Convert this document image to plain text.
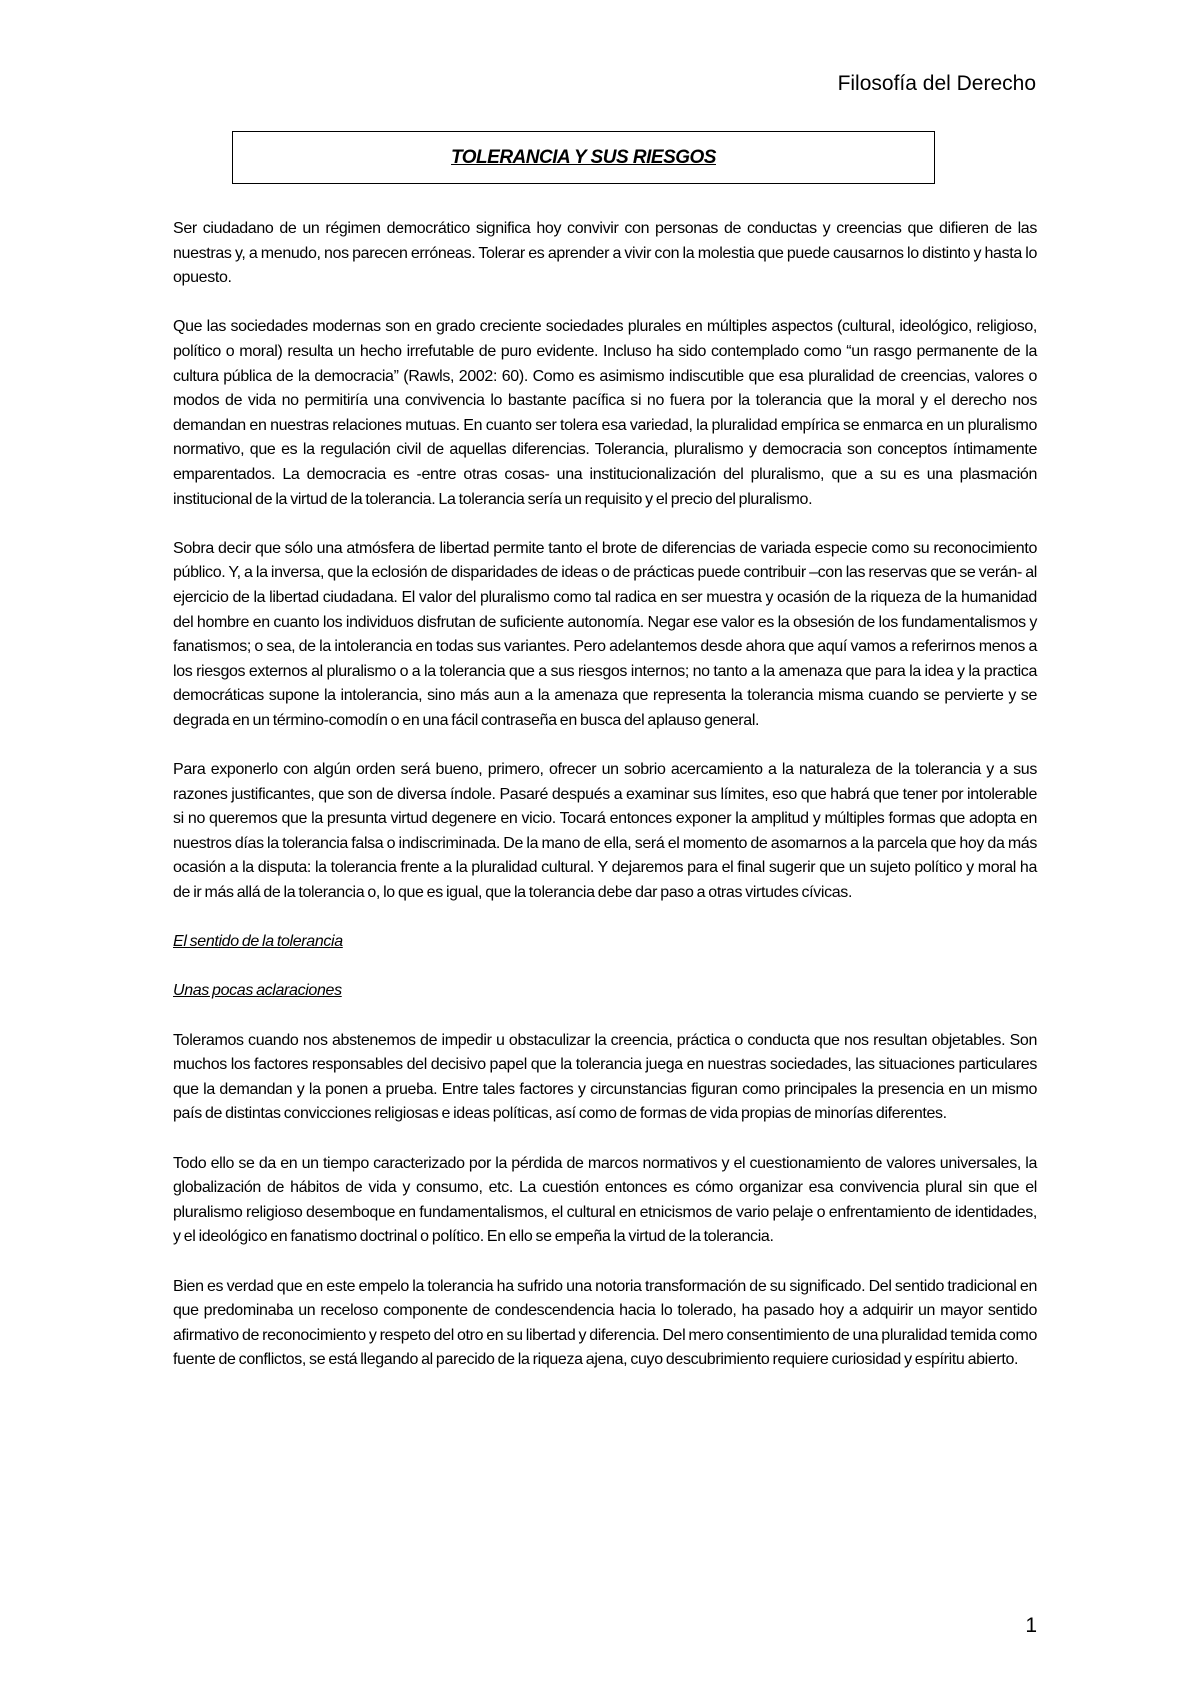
Filosofía del Derecho
TOLERANCIA Y SUS RIESGOS

Ser ciudadano de un régimen democrático significa hoy convivir con personas de conductas y creencias que difieren de las nuestras y, a menudo, nos parecen erróneas. Tolerar es aprender a vivir con la molestia que puede causarnos lo distinto y hasta lo opuesto.

Que las sociedades modernas son en grado creciente sociedades plurales en múltiples aspectos (cultural, ideológico, religioso, político o moral) resulta un hecho irrefutable de puro evidente. Incluso ha sido contemplado como “un rasgo permanente de la cultura pública de la democracia” (Rawls, 2002: 60). Como es asimismo indiscutible que esa pluralidad de creencias, valores o modos de vida no permitiría una convivencia lo bastante pacífica si no fuera por la tolerancia que la moral y el derecho nos demandan en nuestras relaciones mutuas. En cuanto ser tolera esa variedad, la pluralidad empírica se enmarca en un pluralismo normativo, que es la regulación civil de aquellas diferencias. Tolerancia, pluralismo y democracia son conceptos íntimamente emparentados. La democracia es -entre otras cosas- una institucionalización del pluralismo, que a su es una plasmación institucional de la virtud de la tolerancia. La tolerancia sería un requisito y el precio del pluralismo.

Sobra decir que sólo una atmósfera de libertad permite tanto el brote de diferencias de variada especie como su reconocimiento público. Y, a la inversa, que la eclosión de disparidades de ideas o de prácticas puede contribuir –con las reservas que se verán- al ejercicio de la libertad ciudadana. El valor del pluralismo como tal radica en ser muestra y ocasión de la riqueza de la humanidad del hombre en cuanto los individuos disfrutan de suficiente autonomía. Negar ese valor es la obsesión de los fundamentalismos y fanatismos; o sea, de la intolerancia en todas sus variantes. Pero adelantemos desde ahora que aquí vamos a referirnos menos a los riesgos externos al pluralismo o a la tolerancia que a sus riesgos internos; no tanto a la amenaza que para la idea y la practica democráticas supone la intolerancia, sino más aun a la amenaza que representa la tolerancia misma cuando se pervierte y se degrada en un término-comodín o en una fácil contraseña en busca del aplauso general.

Para exponerlo con algún orden será bueno, primero, ofrecer un sobrio acercamiento a la naturaleza de la tolerancia y a sus razones justificantes, que son de diversa índole. Pasaré después a examinar sus límites, eso que habrá que tener por intolerable si no queremos que la presunta virtud degenere en vicio. Tocará entonces exponer la amplitud y múltiples formas que adopta en nuestros días la tolerancia falsa o indiscriminada. De la mano de ella, será el momento de asomarnos a la parcela que hoy da más ocasión a la disputa: la tolerancia frente a la pluralidad cultural. Y dejaremos para el final sugerir que un sujeto político y moral ha de ir más allá de la tolerancia o, lo que es igual, que la tolerancia debe dar paso a otras virtudes cívicas.

El sentido de la tolerancia

Unas pocas aclaraciones

Toleramos cuando nos abstenemos de impedir u obstaculizar la creencia, práctica o conducta que nos resultan objetables. Son muchos los factores responsables del decisivo papel que la tolerancia juega en nuestras sociedades, las situaciones particulares que la demandan y la ponen a prueba. Entre tales factores y circunstancias figuran como principales la presencia en un mismo país de distintas convicciones religiosas e ideas políticas, así como de formas de vida propias de minorías diferentes.

Todo ello se da en un tiempo caracterizado por la pérdida de marcos normativos y el cuestionamiento de valores universales, la globalización de hábitos de vida y consumo, etc. La cuestión entonces es cómo organizar esa convivencia plural sin que el pluralismo religioso desemboque en fundamentalismos, el cultural en etnicismos de vario pelaje o enfrentamiento de identidades, y el ideológico en fanatismo doctrinal o político. En ello se empeña la virtud de la tolerancia.

Bien es verdad que en este empelo la tolerancia ha sufrido una notoria transformación de su significado. Del sentido tradicional en que predominaba un receloso componente de condescendencia hacia lo tolerado, ha pasado hoy a adquirir un mayor sentido afirmativo de reconocimiento y respeto del otro en su libertad y diferencia. Del mero consentimiento de una pluralidad temida como fuente de conflictos, se está llegando al parecido de la riqueza ajena, cuyo descubrimiento requiere curiosidad y espíritu abierto.

1
